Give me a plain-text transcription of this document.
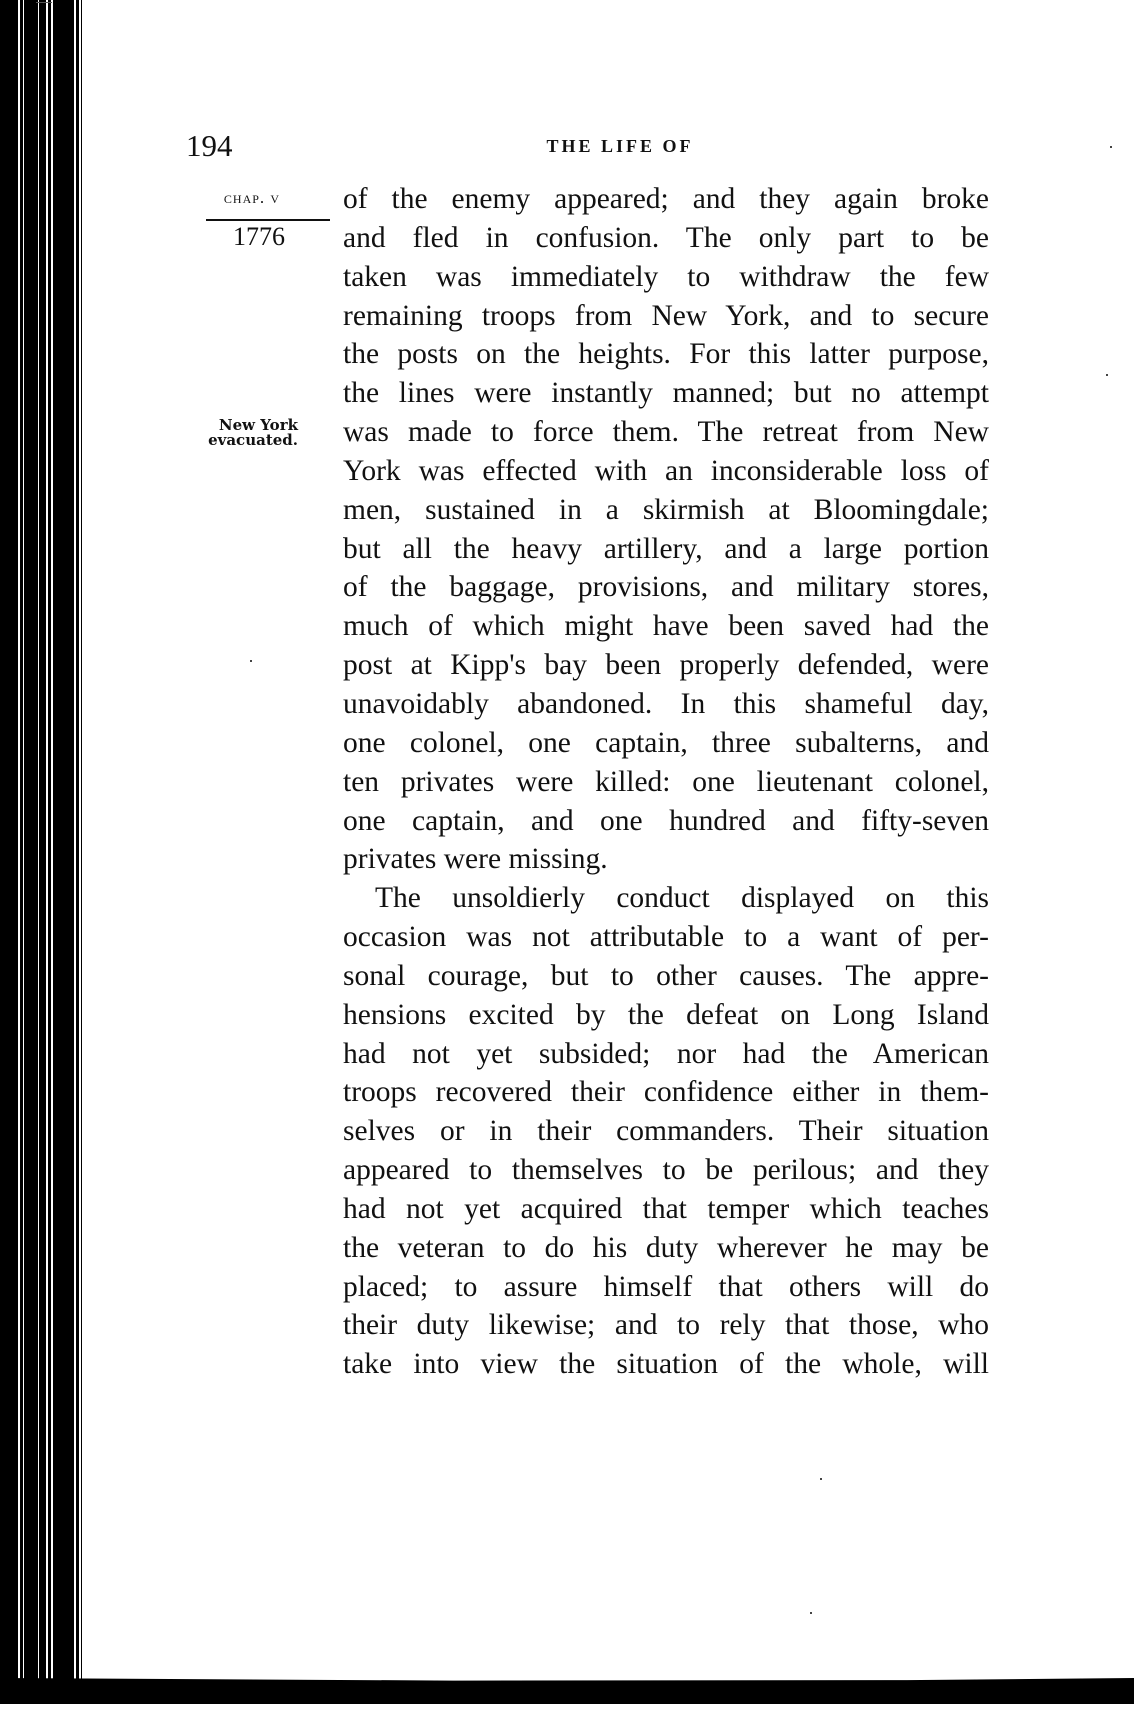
194	THE LIFE OF
chap. v
1776
New York
evacuated.
of the enemy appeared; and they again broke
and fled in confusion. The only part to be
taken was immediately to withdraw the few
remaining troops from New York, and to secure
the posts on the heights. For this latter purpose,
the lines were instantly manned; but no attempt
was made to force them. The retreat from New
York was effected with an inconsiderable loss of
men, sustained in a skirmish at Bloomingdale;
but all the heavy artillery, and a large portion
of the baggage, provisions, and military stores,
much of which might have been saved had the
post at Kipp's bay been properly defended, were
unavoidably abandoned. In this shameful day,
one colonel, one captain, three subalterns, and
ten privates were killed: one lieutenant colonel,
one captain, and one hundred and fifty-seven
privates were missing.
The unsoldierly conduct displayed on this
occasion was not attributable to a want of per-
sonal courage, but to other causes. The appre-
hensions excited by the defeat on Long Island
had not yet subsided; nor had the American
troops recovered their confidence either in them-
selves or in their commanders. Their situation
appeared to themselves to be perilous; and they
had not yet acquired that temper which teaches
the veteran to do his duty wherever he may be
placed; to assure himself that others will do
their duty likewise; and to rely that those, who
take into view the situation of the whole, will
